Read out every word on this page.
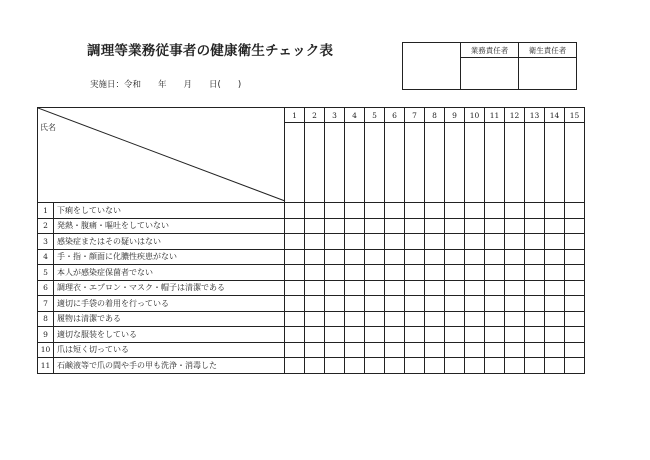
調理等業務従事者の健康衛生チェック表
実施日：令和　　年　　月　　日(　　)
	業務責任者	衛生責任者

氏名		1	2	3	4	5	6	7	8	9	10	11	12	13	14	15

1	下痢をしていない															
2	発熱・腹痛・嘔吐をしていない															
3	感染症またはその疑いはない															
4	手・指・顔面に化膿性疾患がない															
5	本人が感染症保菌者でない															
6	調理衣・エプロン・マスク・帽子は清潔である															
7	適切に手袋の着用を行っている															
8	履物は清潔である															
9	適切な服装をしている															
10	爪は短く切っている															
11	石鹸液等で爪の間や手の甲も洗浄・消毒した															
